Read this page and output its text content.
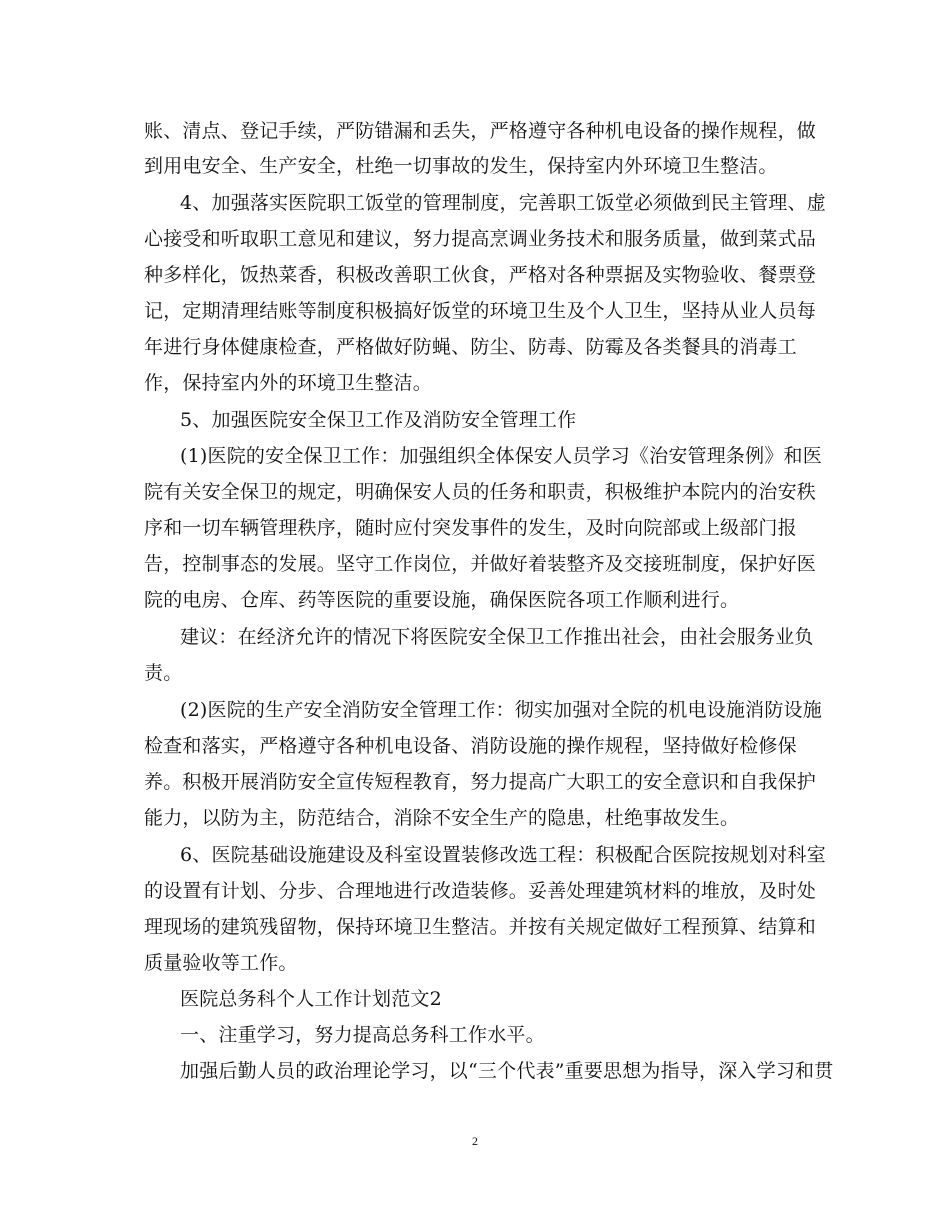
账、清点、登记手续，严防错漏和丢失，严格遵守各种机电设备的操作规程，做
到用电安全、生产安全，杜绝一切事故的发生，保持室内外环境卫生整洁。
4、加强落实医院职工饭堂的管理制度，完善职工饭堂必须做到民主管理、虚
心接受和听取职工意见和建议，努力提高烹调业务技术和服务质量，做到菜式品
种多样化，饭热菜香，积极改善职工伙食，严格对各种票据及实物验收、餐票登
记，定期清理结账等制度积极搞好饭堂的环境卫生及个人卫生，坚持从业人员每
年进行身体健康检查，严格做好防蝇、防尘、防毒、防霉及各类餐具的消毒工
作，保持室内外的环境卫生整洁。
5、加强医院安全保卫工作及消防安全管理工作
(1)医院的安全保卫工作：加强组织全体保安人员学习《治安管理条例》和医
院有关安全保卫的规定，明确保安人员的任务和职责，积极维护本院内的治安秩
序和一切车辆管理秩序，随时应付突发事件的发生，及时向院部或上级部门报
告，控制事态的发展。坚守工作岗位，并做好着装整齐及交接班制度，保护好医
院的电房、仓库、药等医院的重要设施，确保医院各项工作顺利进行。
建议：在经济允许的情况下将医院安全保卫工作推出社会，由社会服务业负
责。
(2)医院的生产安全消防安全管理工作：彻实加强对全院的机电设施消防设施
检查和落实，严格遵守各种机电设备、消防设施的操作规程，坚持做好检修保
养。积极开展消防安全宣传短程教育，努力提高广大职工的安全意识和自我保护
能力，以防为主，防范结合，消除不安全生产的隐患，杜绝事故发生。
6、医院基础设施建设及科室设置装修改选工程：积极配合医院按规划对科室
的设置有计划、分步、合理地进行改造装修。妥善处理建筑材料的堆放，及时处
理现场的建筑残留物，保持环境卫生整洁。并按有关规定做好工程预算、结算和
质量验收等工作。
医院总务科个人工作计划范文2
一、注重学习，努力提高总务科工作水平。
加强后勤人员的政治理论学习，以“三个代表”重要思想为指导，深入学习和贯
2
